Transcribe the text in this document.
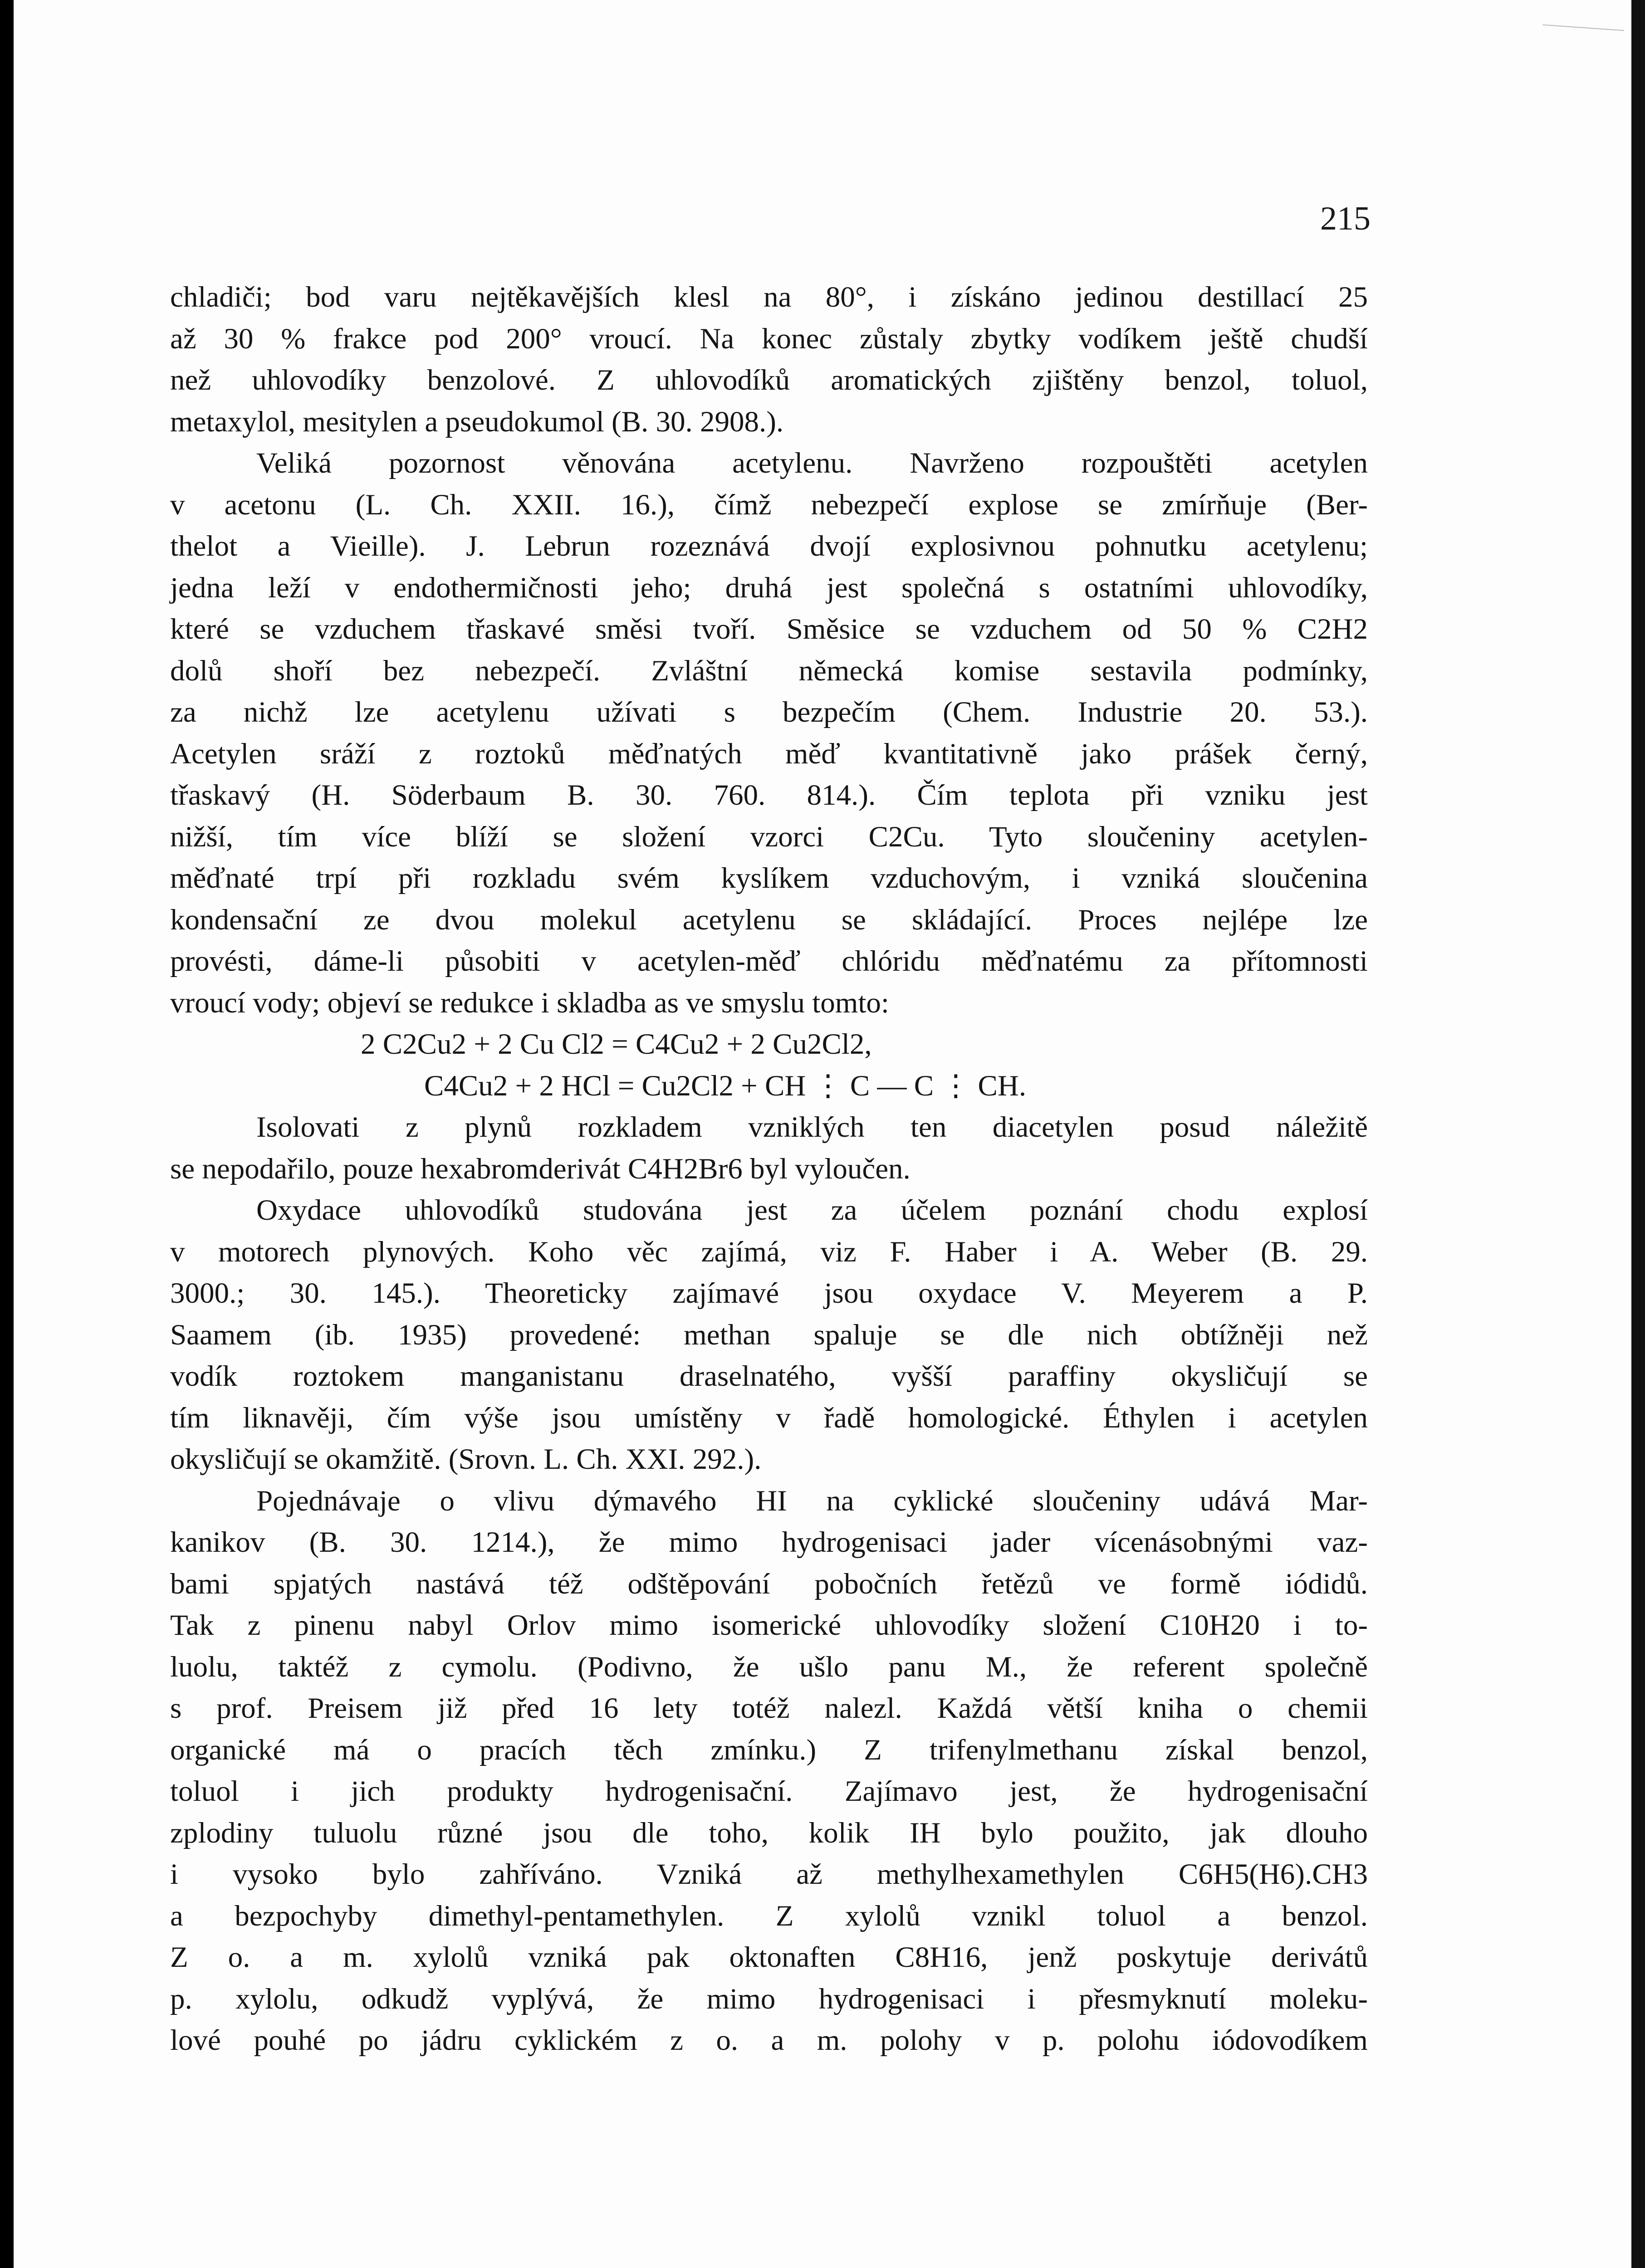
215

chladiči; bod varu nejtěkavějších klesl na 80°, i získáno jedinou destillací 25
až 30 % frakce pod 200° vroucí. Na konec zůstaly zbytky vodíkem ještě chudší
než uhlovodíky benzolové. Z uhlovodíků aromatických zjištěny benzol, toluol,
metaxylol, mesitylen a pseudokumol (B. 30. 2908.).
Veliká pozornost věnována acetylenu. Navrženo rozpouštěti acetylen
v acetonu (L. Ch. XXII. 16.), čímž nebezpečí explose se zmírňuje (Ber-
thelot a Vieille). J. Lebrun rozeznává dvojí explosivnou pohnutku acetylenu;
jedna leží v endothermičnosti jeho; druhá jest společná s ostatními uhlovodíky,
které se vzduchem třaskavé směsi tvoří. Směsice se vzduchem od 50 % C2H2
dolů shoří bez nebezpečí. Zvláštní německá komise sestavila podmínky,
za nichž lze acetylenu užívati s bezpečím (Chem. Industrie 20. 53.).
Acetylen sráží z roztoků měďnatých měď kvantitativně jako prášek černý,
třaskavý (H. Söderbaum B. 30. 760. 814.). Čím teplota při vzniku jest
nižší, tím více blíží se složení vzorci C2Cu. Tyto sloučeniny acetylen-
měďnaté trpí při rozkladu svém kyslíkem vzduchovým, i vzniká sloučenina
kondensační ze dvou molekul acetylenu se skládající. Proces nejlépe lze
provésti, dáme-li působiti v acetylen-měď chlóridu měďnatému za přítomnosti
vroucí vody; objeví se redukce i skladba as ve smyslu tomto:
2 C2Cu2 + 2 Cu Cl2 = C4Cu2 + 2 Cu2Cl2,
C4Cu2 + 2 HCl = Cu2Cl2 + CH ⋮ C — C ⋮ CH.
Isolovati z plynů rozkladem vzniklých ten diacetylen posud náležitě
se nepodařilo, pouze hexabromderivát C4H2Br6 byl vyloučen.
Oxydace uhlovodíků studována jest za účelem poznání chodu explosí
v motorech plynových. Koho věc zajímá, viz F. Haber i A. Weber (B. 29.
3000.; 30. 145.). Theoreticky zajímavé jsou oxydace V. Meyerem a P.
Saamem (ib. 1935) provedené: methan spaluje se dle nich obtížněji než
vodík roztokem manganistanu draselnatého, vyšší paraffiny okysličují se
tím liknavěji, čím výše jsou umístěny v řadě homologické. Éthylen i acetylen
okysličují se okamžitě. (Srovn. L. Ch. XXI. 292.).
Pojednávaje o vlivu dýmavého HI na cyklické sloučeniny udává Mar-
kanikov (B. 30. 1214.), že mimo hydrogenisaci jader vícenásobnými vaz-
bami spjatých nastává též odštěpování pobočních řetězů ve formě iódidů.
Tak z pinenu nabyl Orlov mimo isomerické uhlovodíky složení C10H20 i to-
luolu, taktéž z cymolu. (Podivno, že ušlo panu M., že referent společně
s prof. Preisem již před 16 lety totéž nalezl. Každá větší kniha o chemii
organické má o pracích těch zmínku.) Z trifenylmethanu získal benzol,
toluol i jich produkty hydrogenisační. Zajímavo jest, že hydrogenisační
zplodiny tuluolu různé jsou dle toho, kolik IH bylo použito, jak dlouho
i vysoko bylo zahříváno. Vzniká až methylhexamethylen C6H5(H6).CH3
a bezpochyby dimethyl-pentamethylen. Z xylolů vznikl toluol a benzol.
Z o. a m. xylolů vzniká pak oktonaften C8H16, jenž poskytuje derivátů
p. xylolu, odkudž vyplývá, že mimo hydrogenisaci i přesmyknutí moleku-
lové pouhé po jádru cyklickém z o. a m. polohy v p. polohu iódovodíkem
